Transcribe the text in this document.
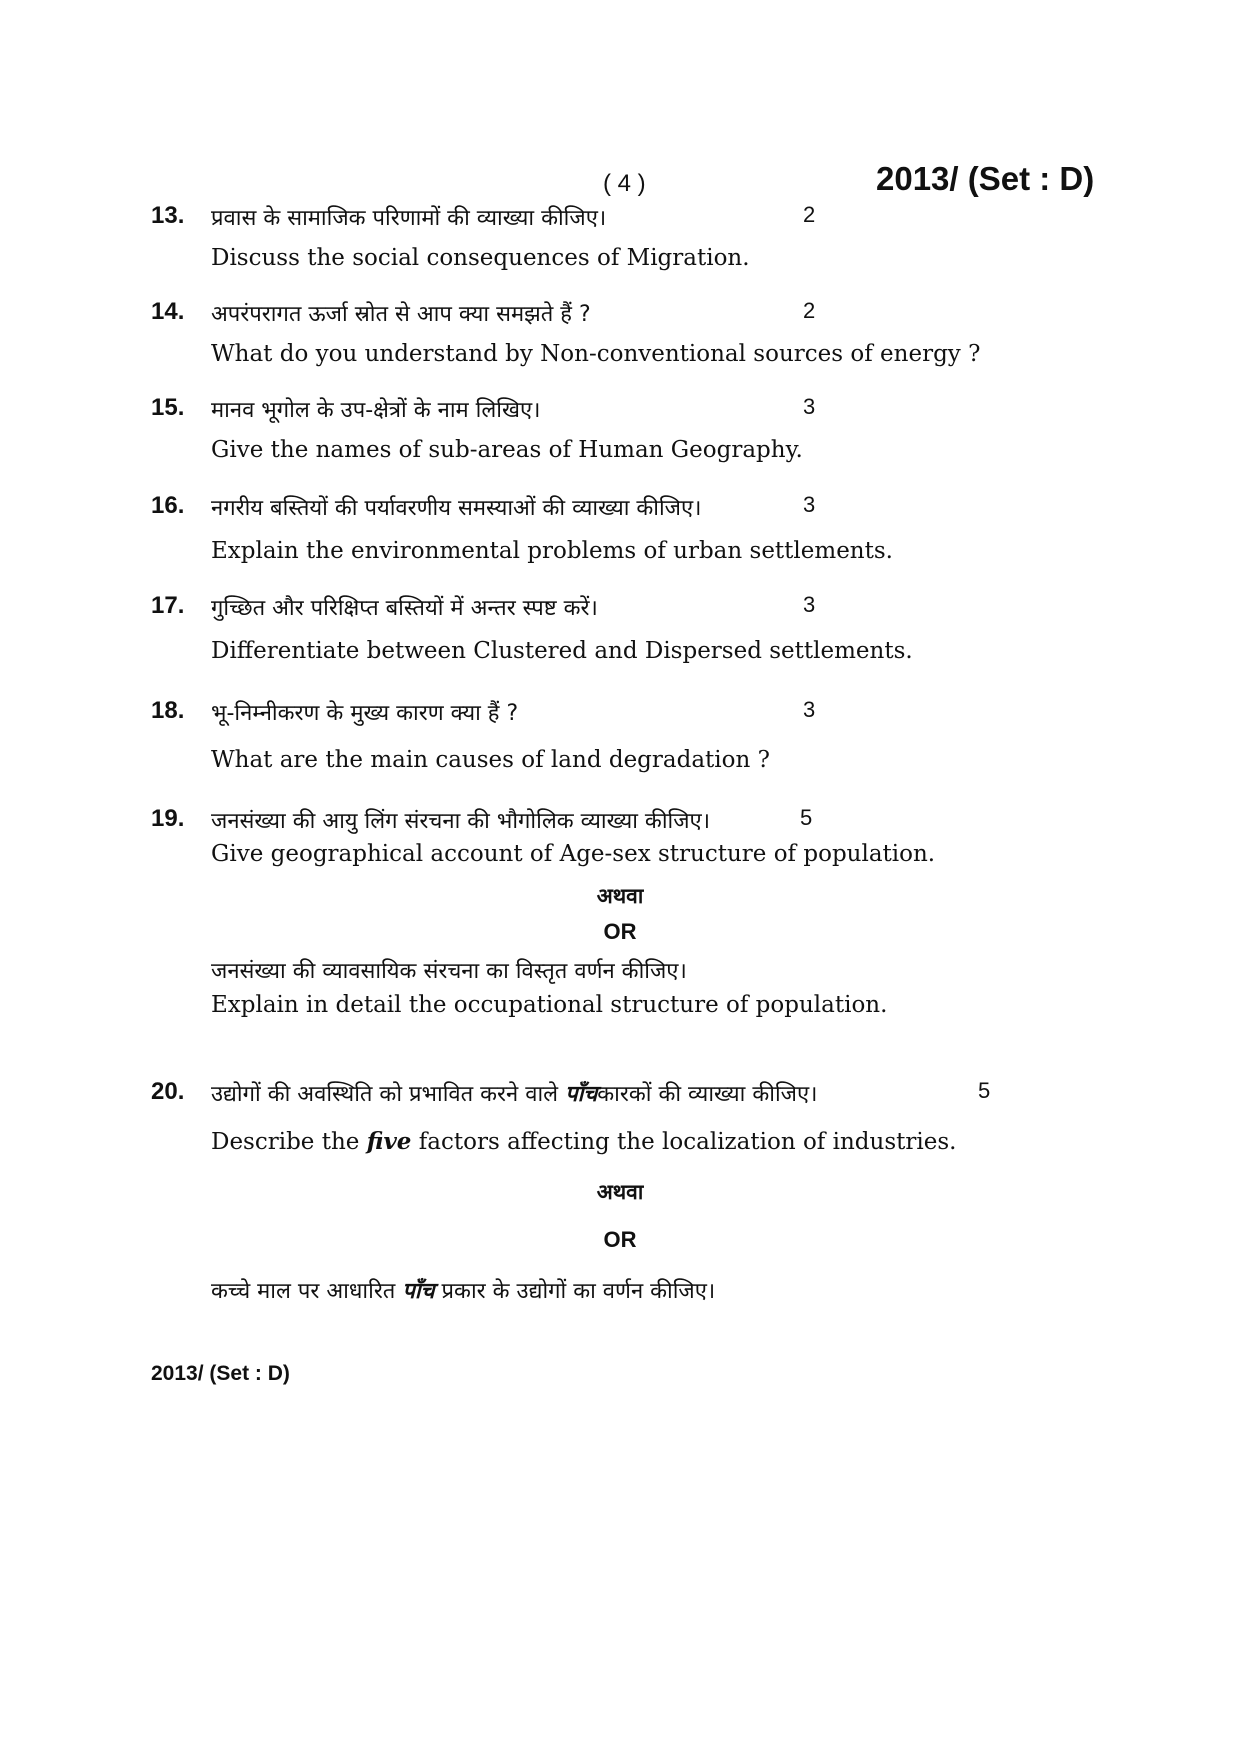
( 4 )	2013/ (Set : D)
13. प्रवास के सामाजिक परिणामों की व्याख्या कीजिए।	2
Discuss the social consequences of Migration.
14. अपरंपरागत ऊर्जा स्रोत से आप क्या समझते हैं ?	2
What do you understand by Non-conventional sources of energy ?
15. मानव भूगोल के उप-क्षेत्रों के नाम लिखिए।	3
Give the names of sub-areas of Human Geography.
16. नगरीय बस्तियों की पर्यावरणीय समस्याओं की व्याख्या कीजिए।	3
Explain the environmental problems of urban settlements.
17. गुच्छित और परिक्षिप्त बस्तियों में अन्तर स्पष्ट करें।	3
Differentiate between Clustered and Dispersed settlements.
18. भू-निम्नीकरण के मुख्य कारण क्या हैं ?	3
What are the main causes of land degradation ?
19. जनसंख्या की आयु लिंग संरचना की भौगोलिक व्याख्या कीजिए।	5
Give geographical account of Age-sex structure of population.
अथवा
OR
जनसंख्या की व्यावसायिक संरचना का विस्तृत वर्णन कीजिए।
Explain in detail the occupational structure of population.
20. उद्योगों की अवस्थिति को प्रभावित करने वाले पाँचकारकों की व्याख्या कीजिए।	5
Describe the five factors affecting the localization of industries.
अथवा
OR
कच्चे माल पर आधारित पाँच प्रकार के उद्योगों का वर्णन कीजिए।
2013/ (Set : D)
